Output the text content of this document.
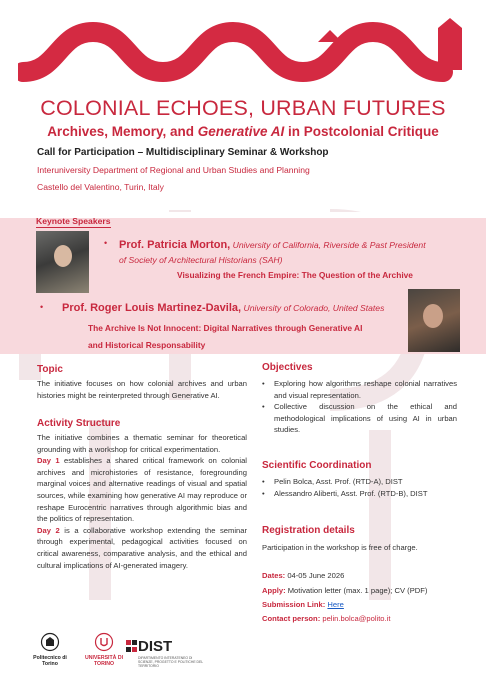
COLONIAL ECHOES, URBAN FUTURES
Archives, Memory, and Generative AI in Postcolonial Critique
Call for Participation – Multidisciplinary Seminar & Workshop
Interuniversity Department of Regional and Urban Studies and Planning
Castello del Valentino, Turin, Italy
Keynote Speakers
• Prof. Patricia Morton, University of California, Riverside & Past President
of Society of Architectural Historians (SAH)
Visualizing the French Empire: The Question of the Archive
• Prof. Roger Louis Martinez-Davila, University of Colorado, United States
The Archive Is Not Innocent: Digital Narratives through Generative AI
and Historical Responsability
Topic
The initiative focuses on how colonial archives and urban histories might be reinterpreted through Generative AI.
Activity Structure
The initiative combines a thematic seminar for theoretical grounding with a workshop for critical experimentation.
Day 1 establishes a shared critical framework on colonial archives and microhistories of resistance, foregrounding marginal voices and alternative readings of visual and spatial sources, while examining how generative AI may reproduce or reshape Eurocentric narratives through algorithmic bias and the politics of representation.
Day 2 is a collaborative workshop extending the seminar through experimental, pedagogical activities focused on critical awareness, comparative analysis, and the ethical and cultural implications of AI-generated imagery.
Objectives
• Exploring how algorithms reshape colonial narratives and visual representation.
• Collective discussion on the ethical and methodological implications of using AI in urban studies.
Scientific Coordination
• Pelin Bolca, Asst. Prof. (RTD-A), DIST
• Alessandro Aliberti, Asst. Prof. (RTD-B), DIST
Registration details
Participation in the workshop is free of charge.
Dates: 04-05 June 2026
Apply: Motivation letter (max. 1 page); CV (PDF)
Submission Link: Here
Contact person: pelin.bolca@polito.it
Politecnico di Torino
UNIVERSITÀ DI TORINO
DIST
DIPARTIMENTO INTERATENEO DI SCIENZE, PROGETTO E POLITICHE DEL TERRITORIO
